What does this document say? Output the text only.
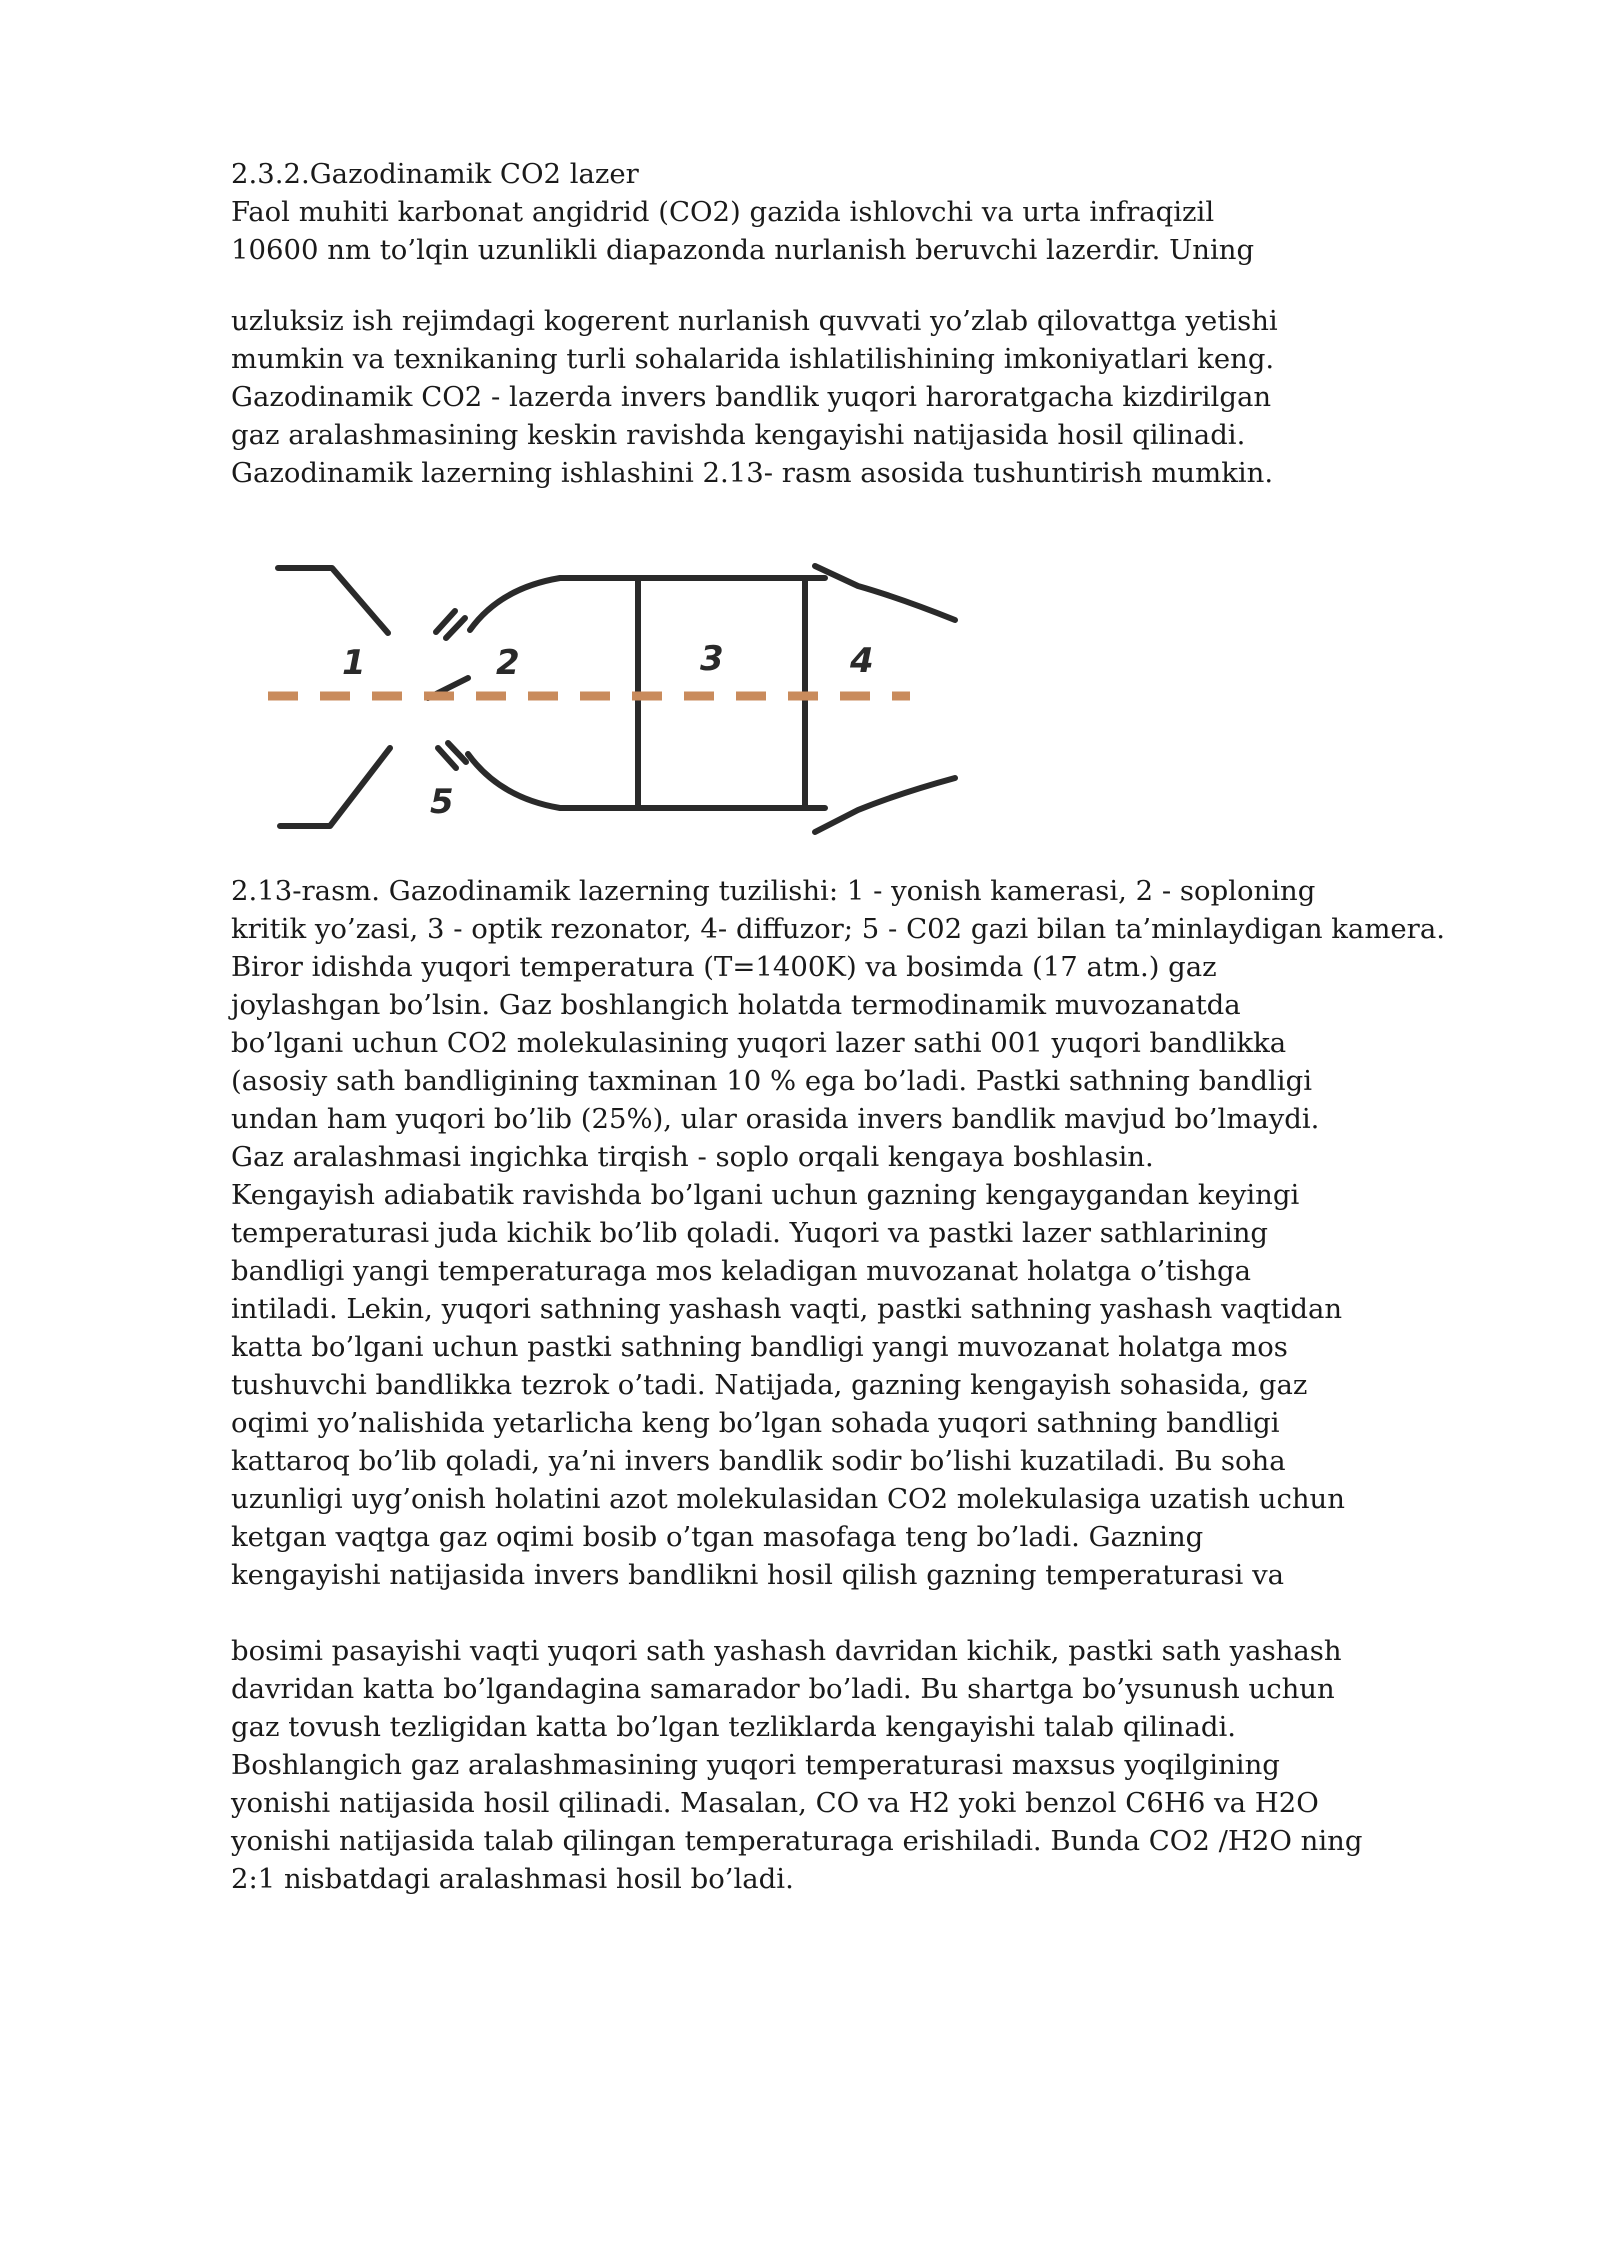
2.3.2.Gazodinamik CO2 lazer

Faol muhiti karbonat angidrid (CO2) gazida ishlovchi va urta infraqizil

10600 nm to’lqin uzunlikli diapazonda nurlanish beruvchi lazerdir. Uning

uzluksiz ish rejimdagi kogerent nurlanish quvvati yo’zlab qilovattga yetishi

mumkin va texnikaning turli sohalarida ishlatilishining imkoniyatlari keng.

Gazodinamik CO2 - lazerda invers bandlik yuqori haroratgacha kizdirilgan

gaz aralashmasining keskin ravishda kengayishi natijasida hosil qilinadi.

Gazodinamik lazerning ishlashini 2.13- rasm asosida tushuntirish mumkin.

1	2	3	4
5

2.13-rasm. Gazodinamik lazerning tuzilishi: 1 - yonish kamerasi, 2 - soploning

kritik yo’zasi, 3 - optik rezonator, 4- diffuzor; 5 - C02 gazi bilan ta’minlaydigan kamera.

Biror idishda yuqori temperatura (T=1400K) va bosimda (17 atm.) gaz

joylashgan bo’lsin. Gaz boshlangich holatda termodinamik muvozanatda

bo’lgani uchun CO2 molekulasining yuqori lazer sathi 001 yuqori bandlikka

(asosiy sath bandligining taxminan 10 % ega bo’ladi. Pastki sathning bandligi

undan ham yuqori bo’lib (25%), ular orasida invers bandlik mavjud bo’lmaydi.

Gaz aralashmasi ingichka tirqish - soplo orqali kengaya boshlasin.

Kengayish adiabatik ravishda bo’lgani uchun gazning kengaygandan keyingi

temperaturasi juda kichik bo’lib qoladi. Yuqori va pastki lazer sathlarining

bandligi yangi temperaturaga mos keladigan muvozanat holatga o’tishga

intiladi. Lekin, yuqori sathning yashash vaqti, pastki sathning yashash vaqtidan

katta bo’lgani uchun pastki sathning bandligi yangi muvozanat holatga mos

tushuvchi bandlikka tezrok o’tadi. Natijada, gazning kengayish sohasida, gaz

oqimi yo’nalishida yetarlicha keng bo’lgan sohada yuqori sathning bandligi

kattaroq bo’lib qoladi, ya’ni invers bandlik sodir bo’lishi kuzatiladi. Bu soha

uzunligi uyg’onish holatini azot molekulasidan CO2 molekulasiga uzatish uchun

ketgan vaqtga gaz oqimi bosib o’tgan masofaga teng bo’ladi. Gazning

kengayishi natijasida invers bandlikni hosil qilish gazning temperaturasi va

bosimi pasayishi vaqti yuqori sath yashash davridan kichik, pastki sath yashash

davridan katta bo’lgandagina samarador bo’ladi. Bu shartga bo’ysunush uchun

gaz tovush tezligidan katta bo’lgan tezliklarda kengayishi talab qilinadi.

Boshlangich gaz aralashmasining yuqori temperaturasi maxsus yoqilgining

yonishi natijasida hosil qilinadi. Masalan, CO va H2 yoki benzol C6H6 va H2O

yonishi natijasida talab qilingan temperaturaga erishiladi. Bunda CO2 /H2O ning

2:1 nisbatdagi aralashmasi hosil bo’ladi.
